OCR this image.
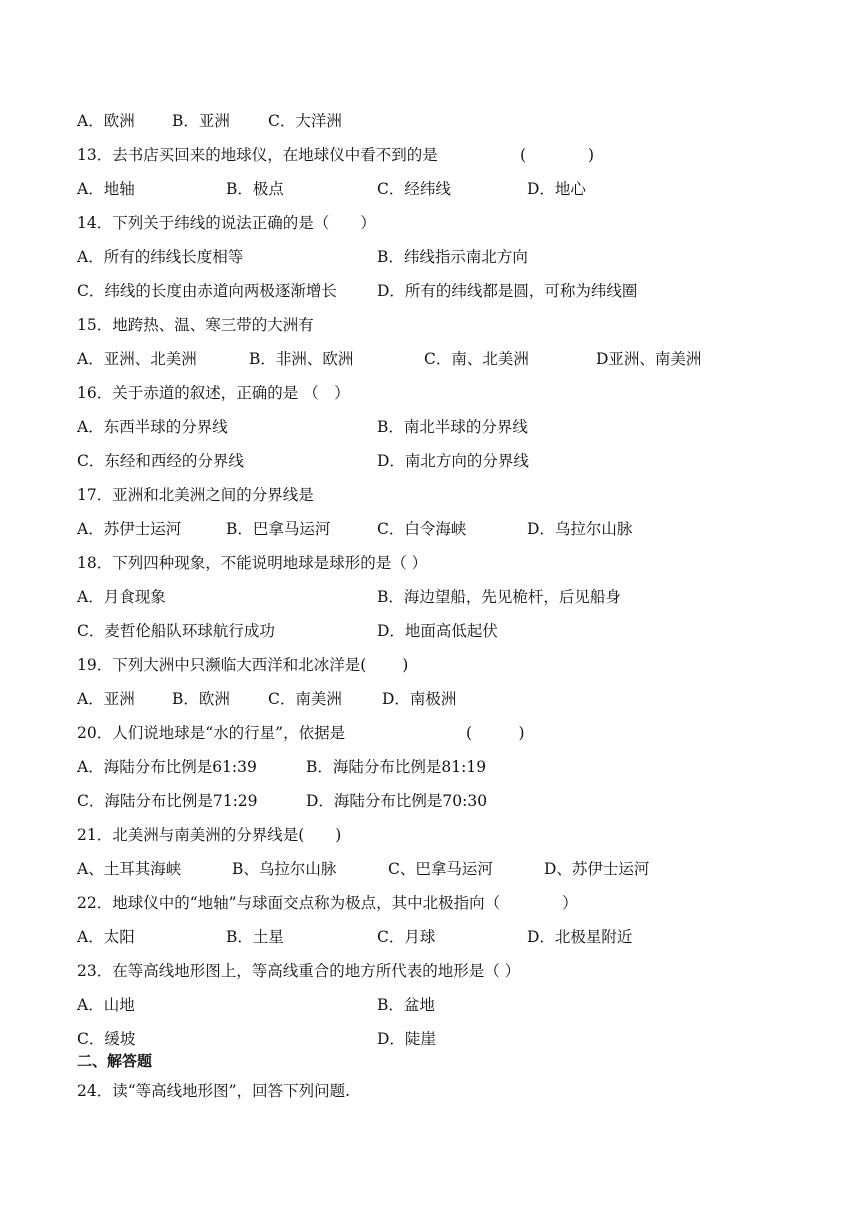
A．欧洲 B．亚洲 C．大洋洲
13．去书店买回来的地球仪，在地球仪中看不到的是	(　　　　)
A．地轴	B．极点	C．经纬线	D．地心
14．下列关于纬线的说法正确的是（　　）
A．所有的纬线长度相等	B．纬线指示南北方向
C．纬线的长度由赤道向两极逐渐增长	D．所有的纬线都是圆，可称为纬线圈
15．地跨热、温、寒三带的大洲有
A．亚洲、北美洲	B．非洲、欧洲	C．南、北美洲	D亚洲、南美洲
16．关于赤道的叙述，正确的是 （　）
A．东西半球的分界线	B．南北半球的分界线
C．东经和西经的分界线	D．南北方向的分界线
17．亚洲和北美洲之间的分界线是
A．苏伊士运河	B．巴拿马运河	C．白令海峡	D．乌拉尔山脉
18．下列四种现象，不能说明地球是球形的是（ ）
A．月食现象	B．海边望船，先见桅杆，后见船身
C．麦哲伦船队环球航行成功	D．地面高低起伏
19．下列大洲中只濒临大西洋和北冰洋是(　　 )
A．亚洲 B．欧洲 C．南美洲	D．南极洲
20．人们说地球是“水的行星”，依据是	(　　　)
A．海陆分布比例是61:39	B．海陆分布比例是81:19
C．海陆分布比例是71:29	D．海陆分布比例是70:30
21．北美洲与南美洲的分界线是(　　)
A、土耳其海峡	B、乌拉尔山脉	C、巴拿马运河	D、苏伊士运河
22．地球仪中的“地轴”与球面交点称为极点，其中北极指向（　　　　）
A．太阳	B．土星	C．月球	D．北极星附近
23．在等高线地形图上，等高线重合的地方所代表的地形是（ ）
A．山地	B．盆地
C．缓坡	D．陡崖
二、解答题
24．读“等高线地形图”，回答下列问题.
